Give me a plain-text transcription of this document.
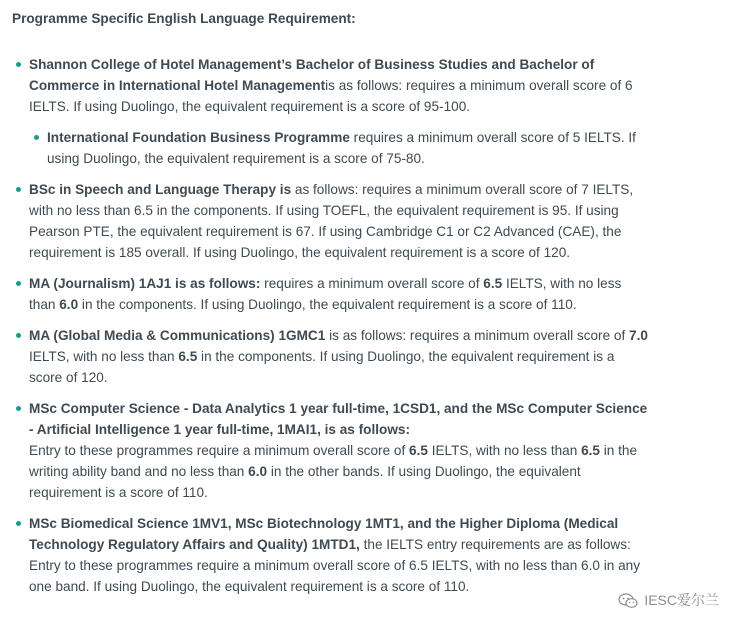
Programme Specific English Language Requirement:
Shannon College of Hotel Management’s Bachelor of Business Studies and Bachelor of Commerce in International Hotel Managementis as follows: requires a minimum overall score of 6 IELTS. If using Duolingo, the equivalent requirement is a score of 95-100.
International Foundation Business Programme requires a minimum overall score of 5 IELTS. If using Duolingo, the equivalent requirement is a score of 75-80.
BSc in Speech and Language Therapy is as follows: requires a minimum overall score of 7 IELTS, with no less than 6.5 in the components. If using TOEFL, the equivalent requirement is 95. If using Pearson PTE, the equivalent requirement is 67. If using Cambridge C1 or C2 Advanced (CAE), the requirement is 185 overall. If using Duolingo, the equivalent requirement is a score of 120.
MA (Journalism) 1AJ1 is as follows: requires a minimum overall score of 6.5 IELTS, with no less than 6.0 in the components. If using Duolingo, the equivalent requirement is a score of 110.
MA (Global Media & Communications) 1GMC1 is as follows: requires a minimum overall score of 7.0 IELTS, with no less than 6.5 in the components. If using Duolingo, the equivalent requirement is a score of 120.
MSc Computer Science - Data Analytics 1 year full-time, 1CSD1, and the MSc Computer Science - Artificial Intelligence 1 year full-time, 1MAI1, is as follows:
Entry to these programmes require a minimum overall score of 6.5 IELTS, with no less than 6.5 in the writing ability band and no less than 6.0 in the other bands. If using Duolingo, the equivalent requirement is a score of 110.
MSc Biomedical Science 1MV1, MSc Biotechnology 1MT1, and the Higher Diploma (Medical Technology Regulatory Affairs and Quality) 1MTD1, the IELTS entry requirements are as follows:
Entry to these programmes require a minimum overall score of 6.5 IELTS, with no less than 6.0 in any one band. If using Duolingo, the equivalent requirement is a score of 110.
IESC爱尔兰
